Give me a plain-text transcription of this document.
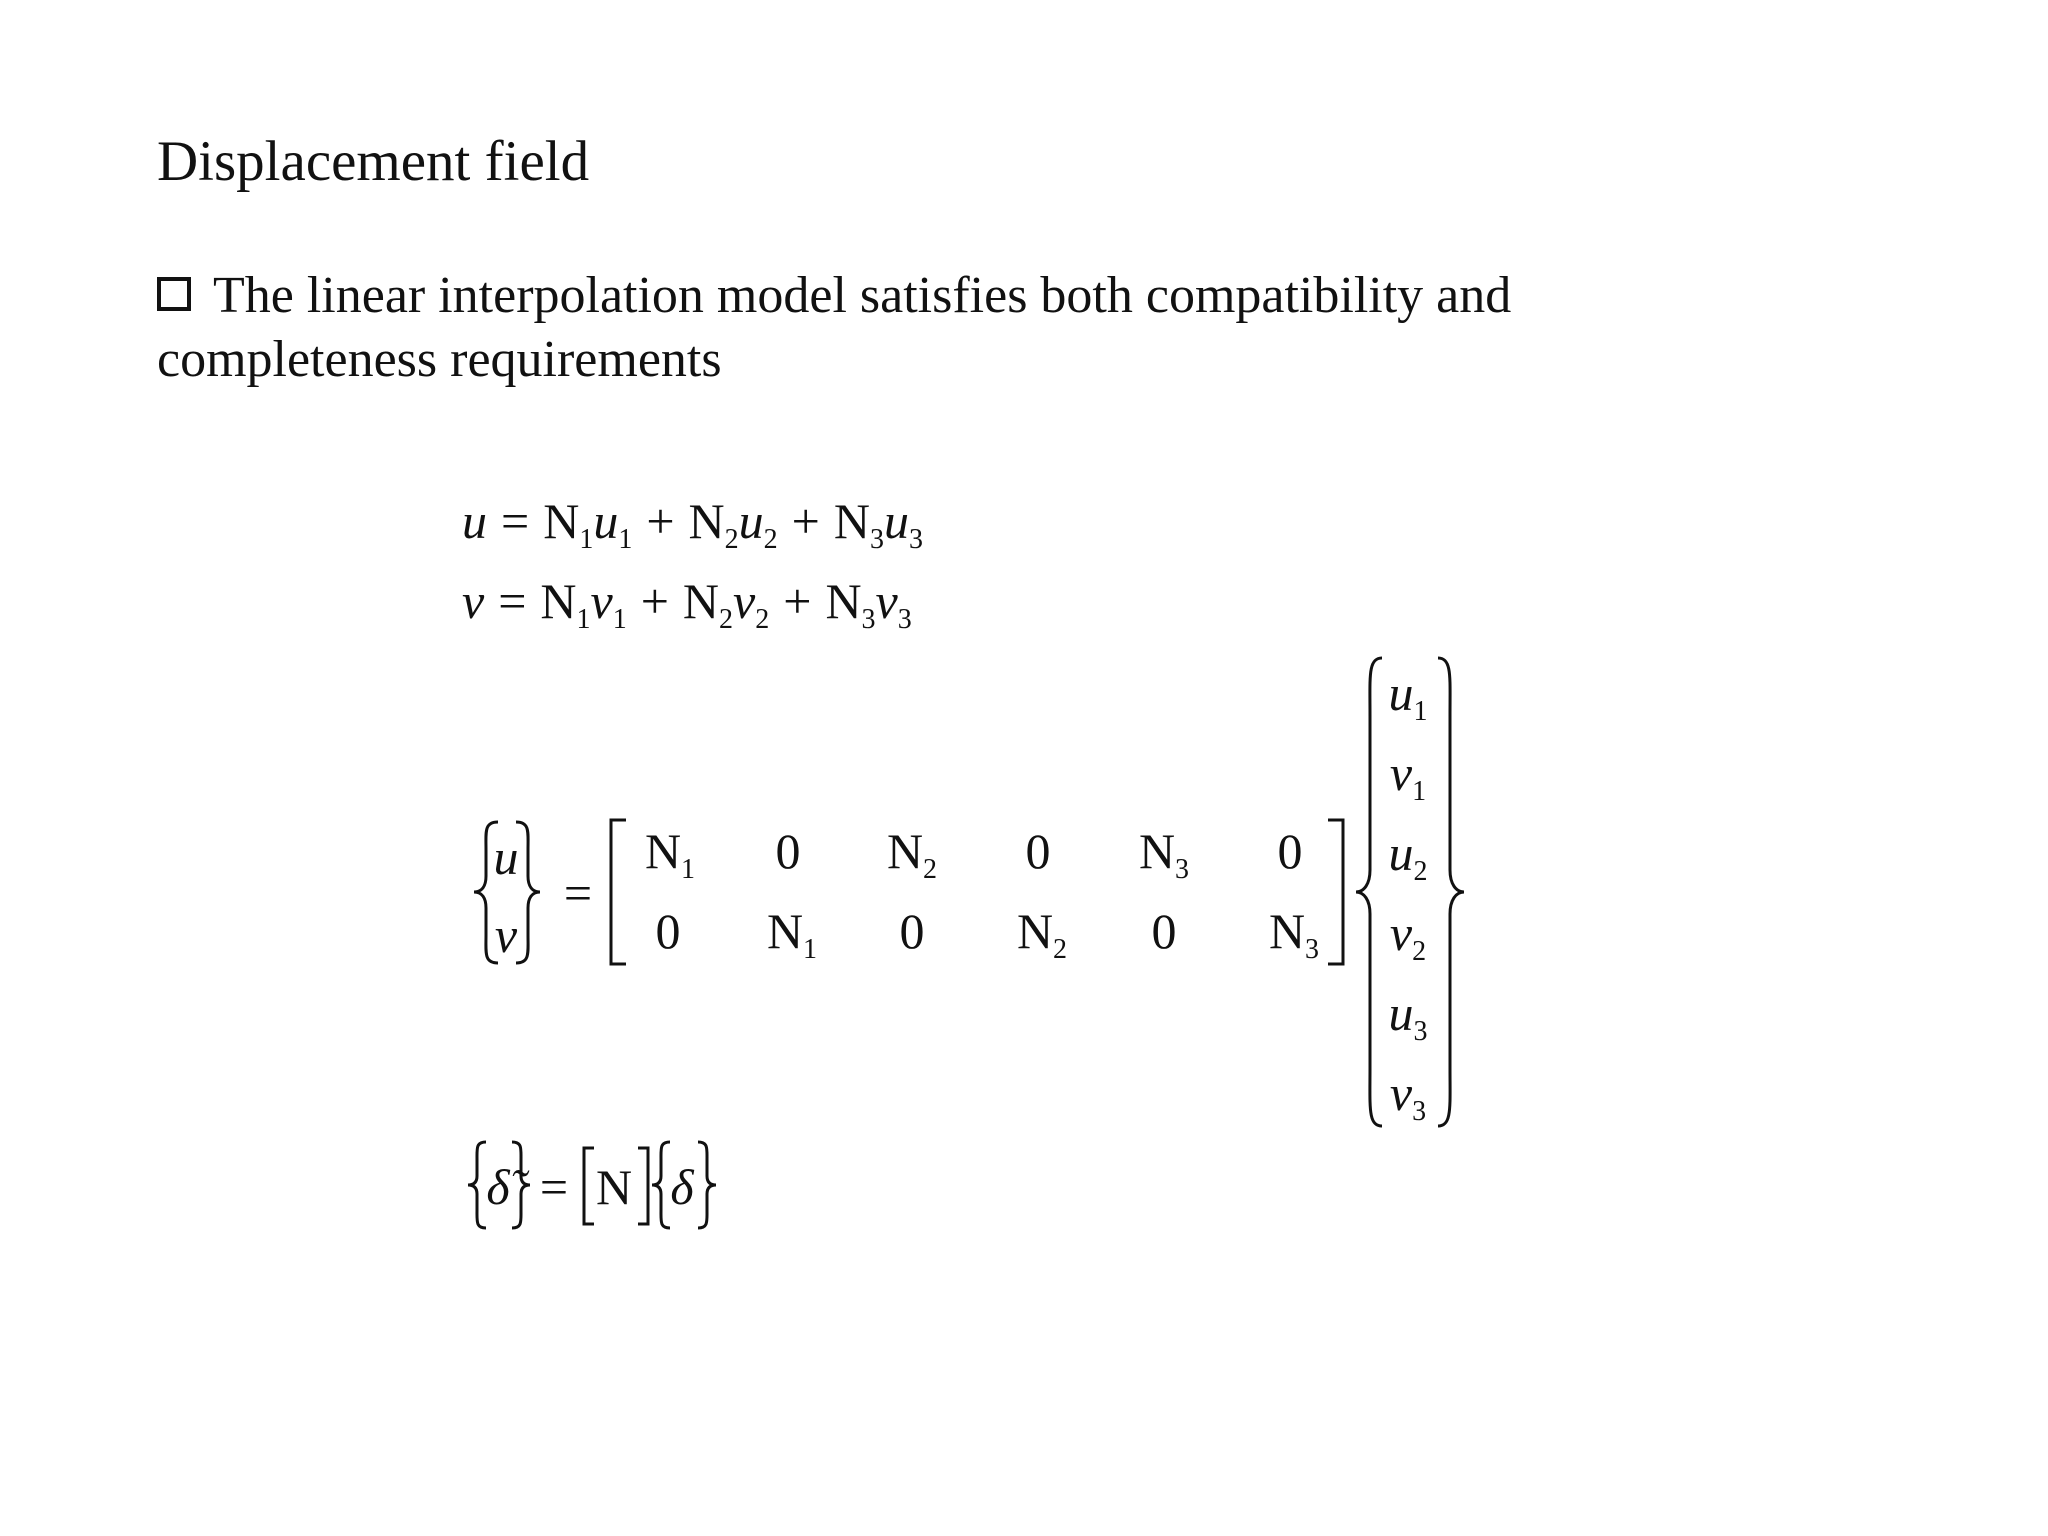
Displacement field
The linear interpolation model satisfies both compatibility and
completeness requirements
$u = N_1u_1 + N_2u_2 + N_3u_3$
$v = N_1v_1 + N_2v_2 + N_3v_3$
u
v
=
$N_1$	0	$N_2$	0	$N_3$	0
0	$N_1$	0	$N_2$	0	$N_3$
$u_1$
$v_1$
$u_2$
$v_2$
$u_3$
$v_3$
δ̃ = N δ
